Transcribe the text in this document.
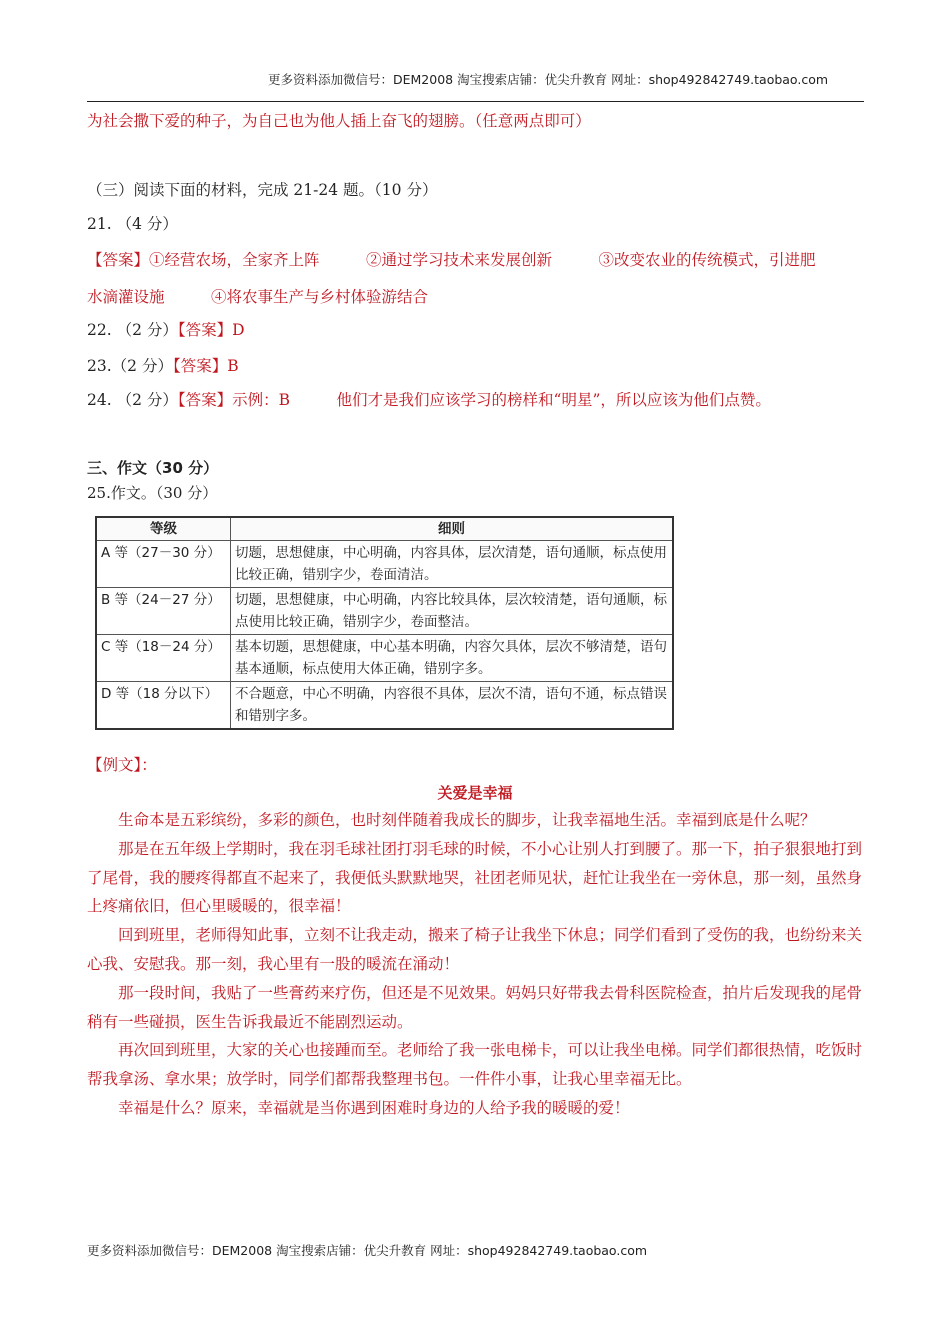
更多资料添加微信号：DEM2008 淘宝搜索店铺：优尖升教育 网址：shop492842749.taobao.com
为社会撒下爱的种子，为自己也为他人插上奋飞的翅膀。（任意两点即可）
（三）阅读下面的材料，完成 21-24 题。（10 分）
21. （4 分）
【答案】①经营农场，全家齐上阵　　　②通过学习技术来发展创新　　　③改变农业的传统模式，引进肥
水滴灌设施　　　④将农事生产与乡村体验游结合
22. （2 分）【答案】D
23.（2 分）【答案】B
24. （2 分）【答案】示例：B　　　他们才是我们应该学习的榜样和“明星”，所以应该为他们点赞。
三、作文（30 分）
25.作文。（30 分）
等级	细则
A 等（27－30 分）	切题，思想健康，中心明确，内容具体，层次清楚，语句通顺，标点使用比较正确，错别字少，卷面清洁。
B 等（24－27 分）	切题，思想健康，中心明确，内容比较具体，层次较清楚，语句通顺，标点使用比较正确，错别字少，卷面整洁。
C 等（18－24 分）	基本切题，思想健康，中心基本明确，内容欠具体，层次不够清楚，语句基本通顺，标点使用大体正确，错别字多。
D 等（18 分以下）	不合题意，中心不明确，内容很不具体，层次不清，语句不通，标点错误和错别字多。
【例文】：
关爱是幸福

生命本是五彩缤纷，多彩的颜色，也时刻伴随着我成长的脚步，让我幸福地生活。幸福到底是什么呢？

那是在五年级上学期时，我在羽毛球社团打羽毛球的时候，不小心让别人打到腰了。那一下，拍子狠狠地打到了尾骨，我的腰疼得都直不起来了，我便低头默默地哭，社团老师见状，赶忙让我坐在一旁休息，那一刻，虽然身上疼痛依旧，但心里暖暖的，很幸福！

回到班里，老师得知此事，立刻不让我走动，搬来了椅子让我坐下休息；同学们看到了受伤的我，也纷纷来关心我、安慰我。那一刻，我心里有一股的暖流在涌动！

那一段时间，我贴了一些膏药来疗伤，但还是不见效果。妈妈只好带我去骨科医院检查，拍片后发现我的尾骨稍有一些碰损，医生告诉我最近不能剧烈运动。

再次回到班里，大家的关心也接踵而至。老师给了我一张电梯卡，可以让我坐电梯。同学们都很热情，吃饭时帮我拿汤、拿水果；放学时，同学们都帮我整理书包。一件件小事，让我心里幸福无比。

幸福是什么？原来，幸福就是当你遇到困难时身边的人给予我的暖暖的爱！

更多资料添加微信号：DEM2008 淘宝搜索店铺：优尖升教育 网址：shop492842749.taobao.com
